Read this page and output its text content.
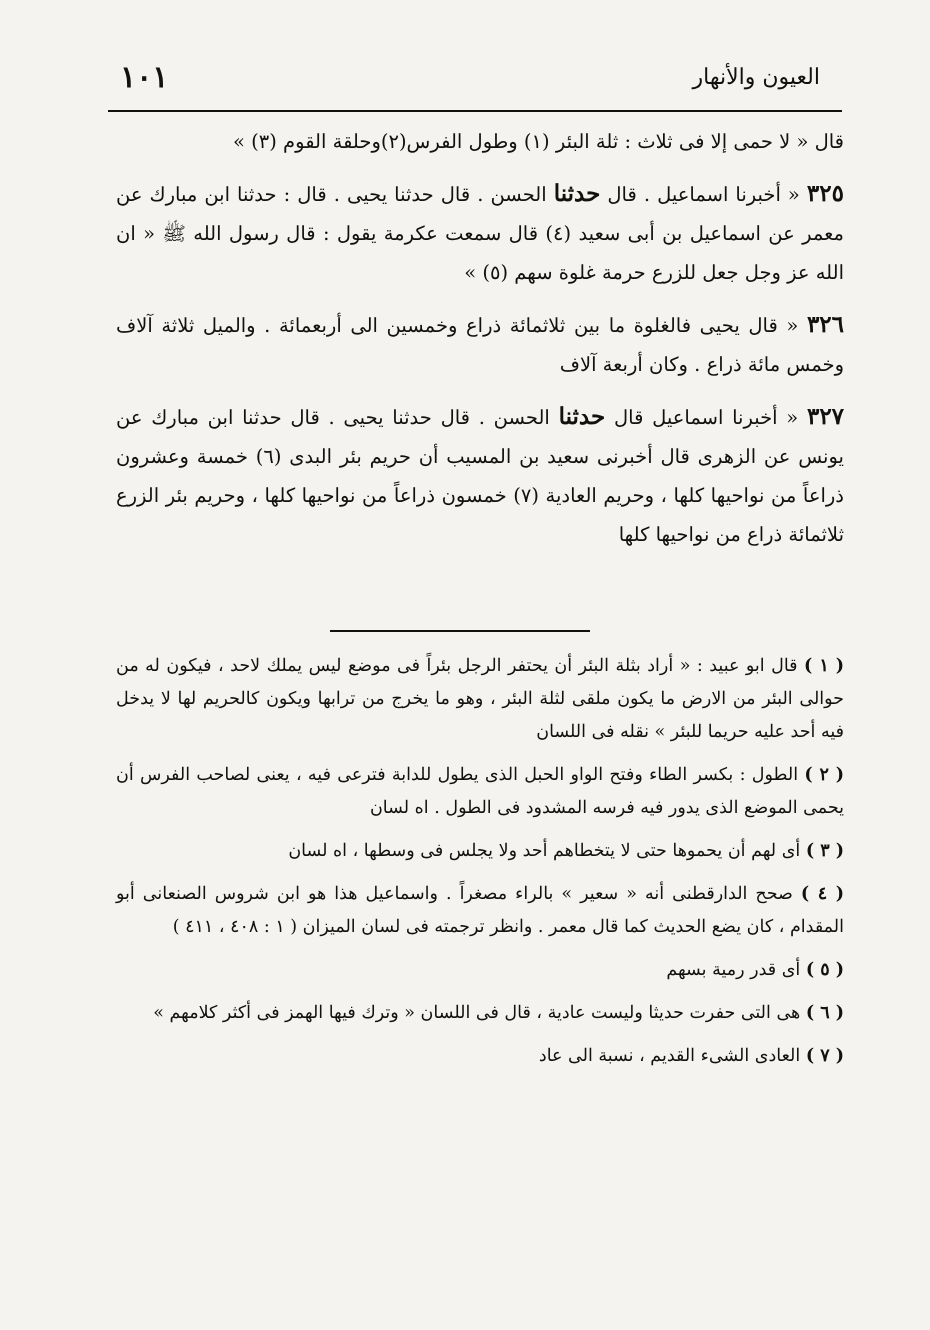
العيون والأنهار
١٠١

قال « لا حمى إلا فى ثلاث : ثلة البئر (١) وطول الفرس(٢)وحلقة القوم (٣) »

٣٢٥ « أخبرنا اسماعيل . قال حدثنا الحسن . قال حدثنا يحيى . قال : حدثنا ابن مبارك عن معمر عن اسماعيل بن أبى سعيد (٤) قال سمعت عكرمة يقول : قال رسول الله ﷺ « ان الله عز وجل جعل للزرع حرمة غلوة سهم (٥) »

٣٢٦ « قال يحيى فالغلوة ما بين ثلاثمائة ذراع وخمسين الى أربعمائة . والميل ثلاثة آلاف وخمس مائة ذراع . وكان أربعة آلاف

٣٢٧ « أخبرنا اسماعيل قال حدثنا الحسن . قال حدثنا يحيى . قال حدثنا ابن مبارك عن يونس عن الزهرى قال أخبرنى سعيد بن المسيب أن حريم بئر البدى (٦) خمسة وعشرون ذراعاً من نواحيها كلها ، وحريم العادية (٧) خمسون ذراعاً من نواحيها كلها ، وحريم بئر الزرع ثلاثمائة ذراع من نواحيها كلها

( ١ ) قال ابو عبيد : « أراد بثلة البئر أن يحتفر الرجل بئراً فى موضع ليس يملك لاحد ، فيكون له من حوالى البئر من الارض ما يكون ملقى لثلة البئر ، وهو ما يخرج من ترابها ويكون كالحريم لها لا يدخل فيه أحد عليه حريما للبئر » نقله فى اللسان

( ٢ ) الطول : بكسر الطاء وفتح الواو الحبل الذى يطول للدابة فترعى فيه ، يعنى لصاحب الفرس أن يحمى الموضع الذى يدور فيه فرسه المشدود فى الطول . اه لسان

( ٣ ) أى لهم أن يحموها حتى لا يتخطاهم أحد ولا يجلس فى وسطها ، اه لسان

( ٤ ) صحح الدارقطنى أنه « سعير » بالراء مصغراً . واسماعيل هذا هو ابن شروس الصنعانى أبو المقدام ، كان يضع الحديث كما قال معمر . وانظر ترجمته فى لسان الميزان ( ١ : ٤٠٨ ، ٤١١ )

( ٥ ) أى قدر رمية بسهم

( ٦ ) هى التى حفرت حديثا وليست عادية ، قال فى اللسان « وترك فيها الهمز فى أكثر كلامهم »

( ٧ ) العادى الشىء القديم ، نسبة الى عاد
